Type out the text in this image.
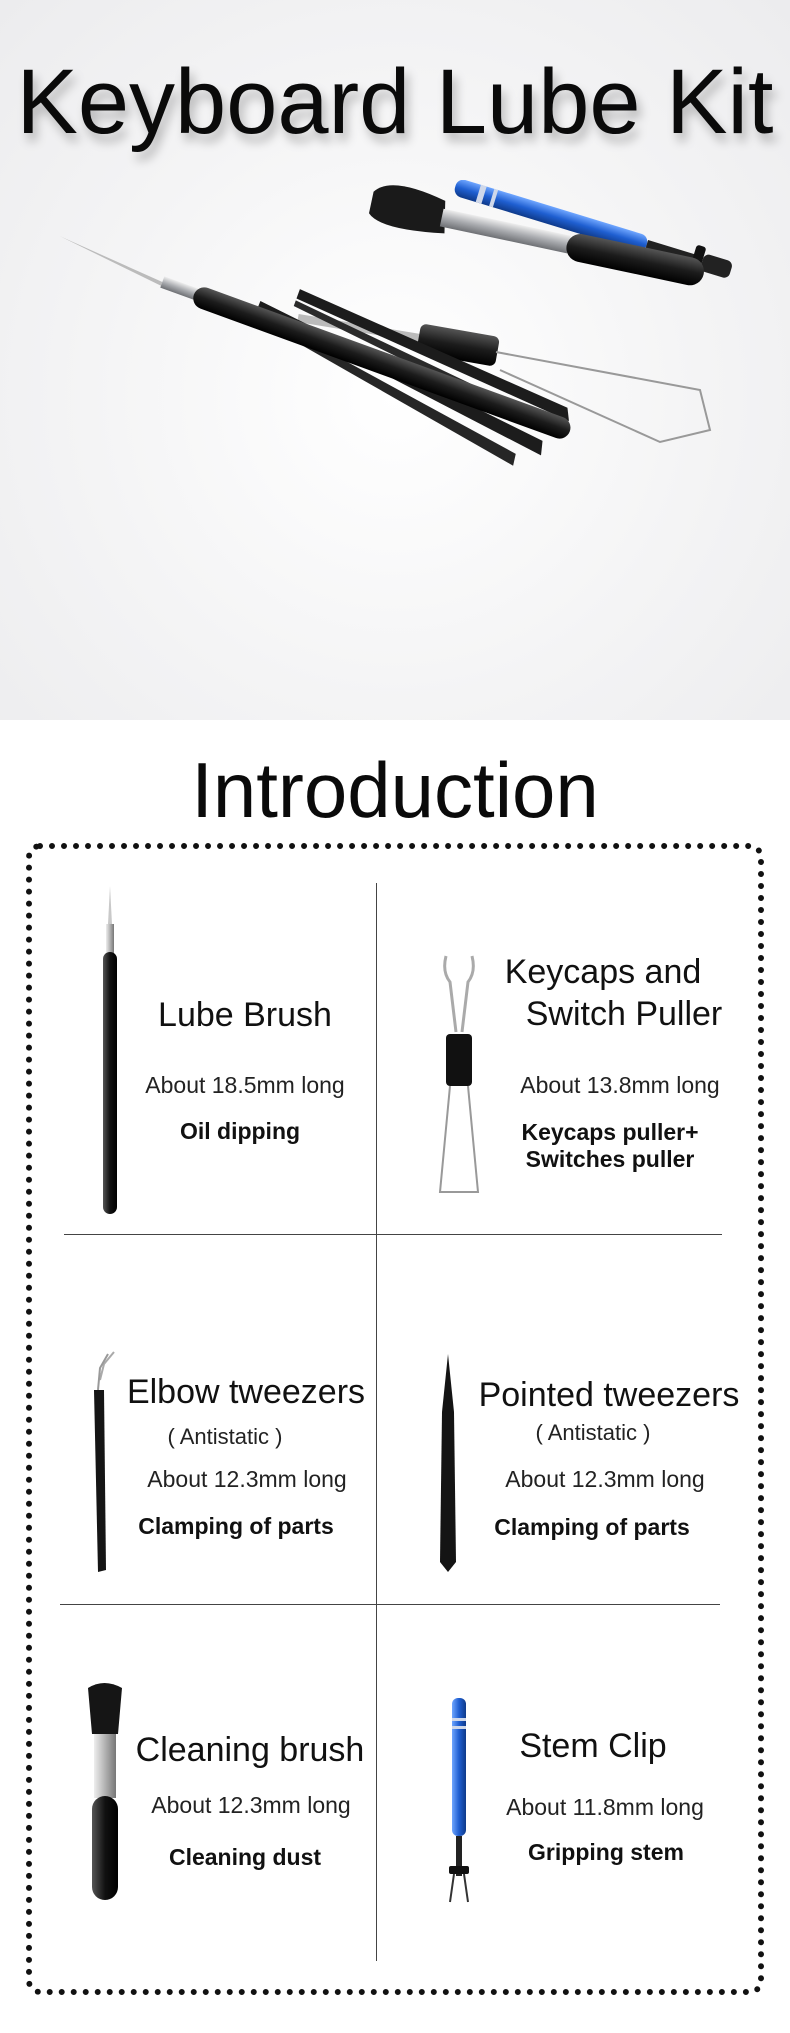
Keyboard Lube Kit
Introduction
Lube Brush
About 18.5mm long
Oil dipping
Keycaps and
Switch Puller
About 13.8mm long
Keycaps puller+
Switches puller
Elbow tweezers
( Antistatic )
About 12.3mm long
Clamping of parts
Pointed tweezers
( Antistatic )
About 12.3mm long
Clamping of parts
Cleaning brush
About 12.3mm long
Cleaning dust
Stem Clip
About 11.8mm long
Gripping stem
